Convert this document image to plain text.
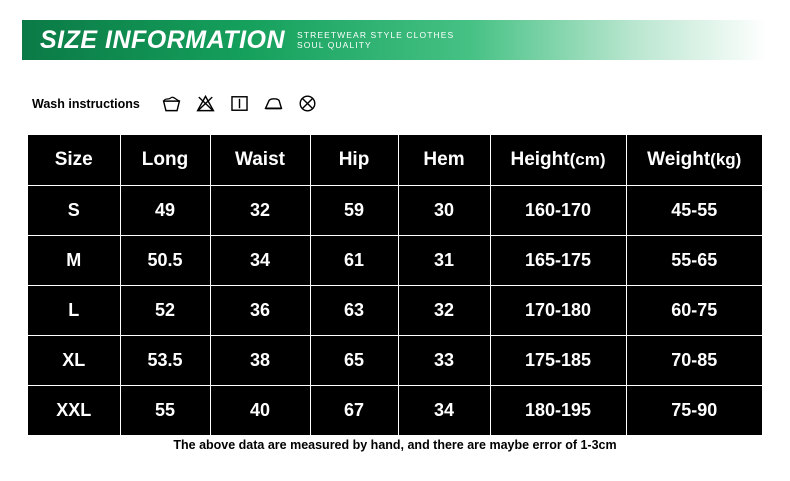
SIZE INFORMATION STREETWEAR STYLE CLOTHES
SOUL QUALITY
Wash instructions
Size	Long	Waist	Hip	Hem	Height(cm)	Weight(kg)
S	49	32	59	30	160-170	45-55
M	50.5	34	61	31	165-175	55-65
L	52	36	63	32	170-180	60-75
XL	53.5	38	65	33	175-185	70-85
XXL	55	40	67	34	180-195	75-90
The above data are measured by hand, and there are maybe error of 1-3cm
